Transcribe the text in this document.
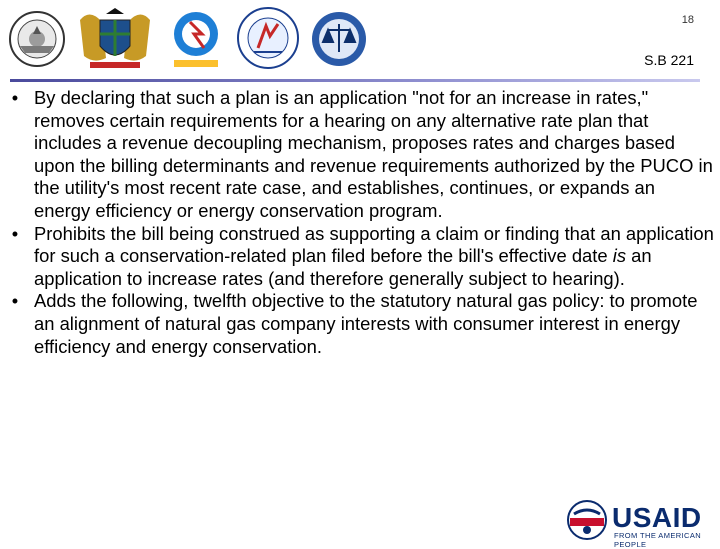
18
S.B 221
• By declaring that such a plan is an application "not for an increase in rates," removes certain requirements for a hearing on any alternative rate plan that includes a revenue decoupling mechanism, proposes rates and charges based upon the billing determinants and revenue requirements authorized by the PUCO in the utility's most recent rate case, and establishes, continues, or expands an energy efficiency or energy conservation program.
• Prohibits the bill being construed as supporting a claim or finding that an application for such a conservation-related plan filed before the bill's effective date is an application to increase rates (and therefore generally subject to hearing).
• Adds the following, twelfth objective to the statutory natural gas policy: to promote an alignment of natural gas company interests with consumer interest in energy efficiency and energy conservation.
USAID
FROM THE AMERICAN PEOPLE
